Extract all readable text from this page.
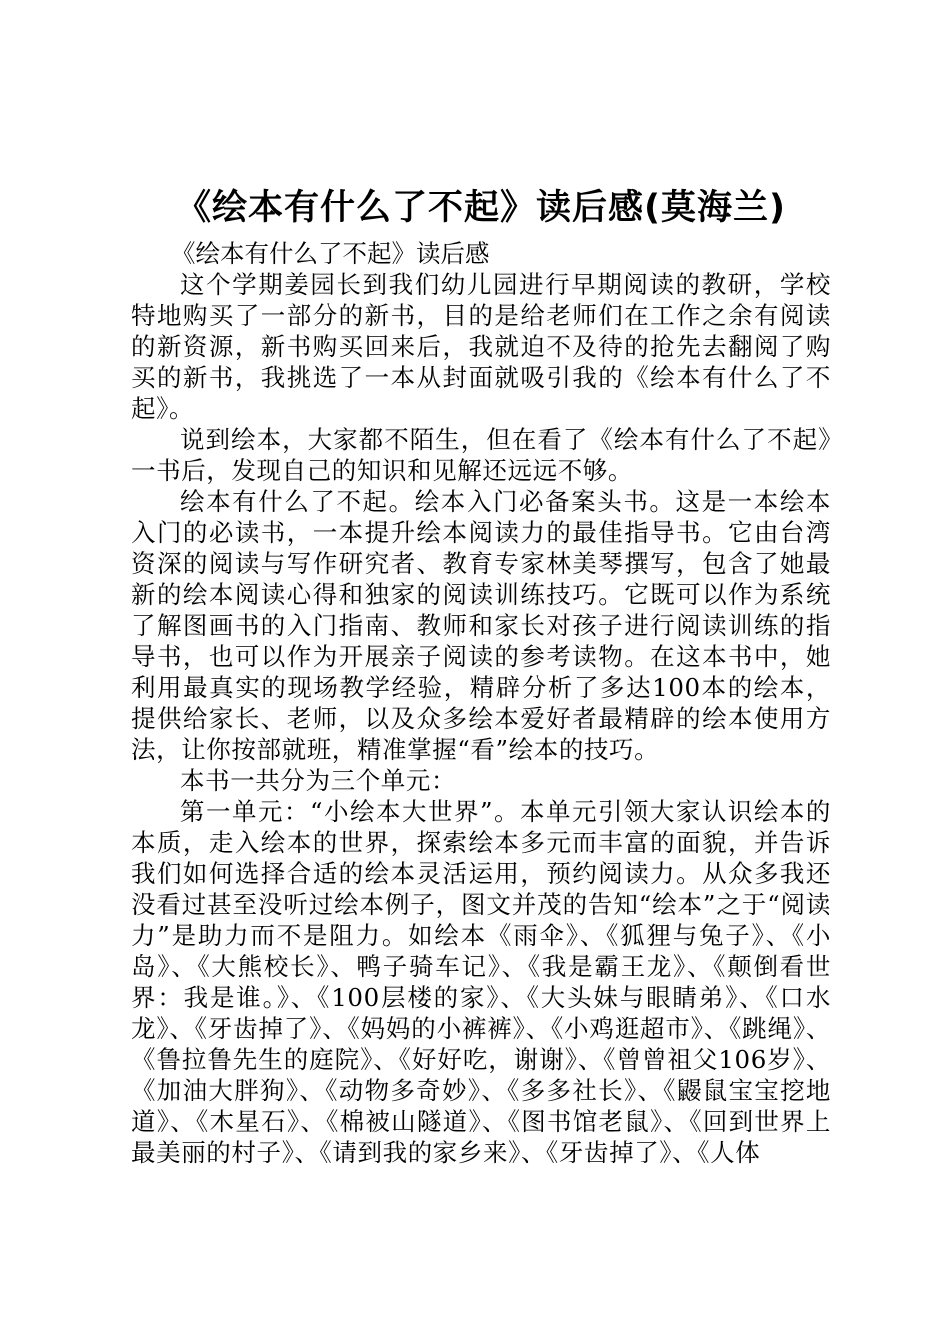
《绘本有什么了不起》读后感(莫海兰)

《绘本有什么了不起》读后感

这个学期姜园长到我们幼儿园进行早期阅读的教研，学校特地购买了一部分的新书，目的是给老师们在工作之余有阅读的新资源，新书购买回来后，我就迫不及待的抢先去翻阅了购买的新书，我挑选了一本从封面就吸引我的《绘本有什么了不起》。

说到绘本，大家都不陌生，但在看了《绘本有什么了不起》一书后，发现自己的知识和见解还远远不够。

绘本有什么了不起。绘本入门必备案头书。这是一本绘本入门的必读书，一本提升绘本阅读力的最佳指导书。它由台湾资深的阅读与写作研究者、教育专家林美琴撰写，包含了她最新的绘本阅读心得和独家的阅读训练技巧。它既可以作为系统了解图画书的入门指南、教师和家长对孩子进行阅读训练的指导书，也可以作为开展亲子阅读的参考读物。在这本书中，她利用最真实的现场教学经验，精辟分析了多达100本的绘本，提供给家长、老师，以及众多绘本爱好者最精辟的绘本使用方法，让你按部就班，精准掌握“看”绘本的技巧。

本书一共分为三个单元：

第一单元：“小绘本大世界”。本单元引领大家认识绘本的本质，走入绘本的世界，探索绘本多元而丰富的面貌，并告诉我们如何选择合适的绘本灵活运用，预约阅读力。从众多我还没看过甚至没听过绘本例子，图文并茂的告知“绘本”之于“阅读力”是助力而不是阻力。如绘本《雨伞》、《狐狸与兔子》、《小岛》、《大熊校长》、鸭子骑车记》、《我是霸王龙》、《颠倒看世界：我是谁。》、《100层楼的家》、《大头妹与眼睛弟》、《口水龙》、《牙齿掉了》、《妈妈的小裤裤》、《小鸡逛超市》、《跳绳》、《鲁拉鲁先生的庭院》、《好好吃，谢谢》、《曾曾祖父106岁》、《加油大胖狗》、《动物多奇妙》、《多多社长》、《鼹鼠宝宝挖地道》、《木星石》、《棉被山隧道》、《图书馆老鼠》、《回到世界上最美丽的村子》、《请到我的家乡来》、《牙齿掉了》、《人体
